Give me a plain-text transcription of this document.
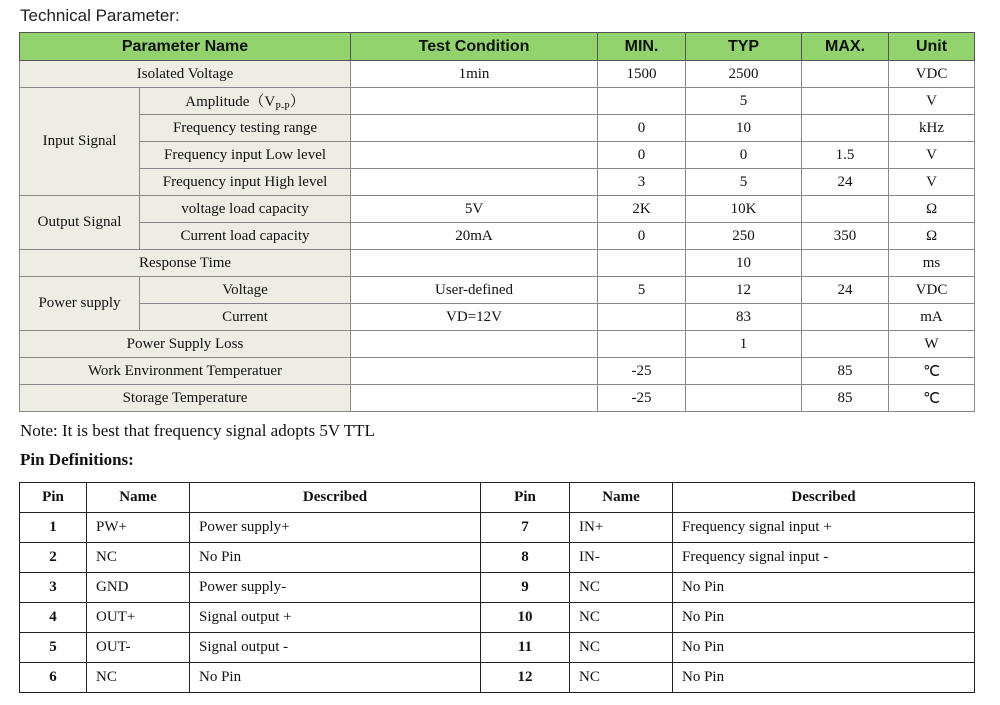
Technical Parameter:
Parameter Name		Test Condition	MIN.	TYP	MAX.	Unit
Isolated Voltage		1min	1500	2500		VDC
Input Signal	$Amplitude(V_{P-P})$			5		V
	Frequency testing range		0	10		kHz
	Frequency input Low level		0	0	1.5	V
	Frequency input High level		3	5	24	V
Output Signal	voltage load capacity	5V	2K	10K		Ω
	Current load capacity	20mA	0	250	350	Ω
Response Time				10		ms
Power supply	Voltage	User-defined	5	12	24	VDC
	Current	VD=12V		83		mA
Power Supply Loss				1		W
Work Environment Temperatuer			-25		85	℃
Storage Temperature			-25		85	℃
Note: It is best that frequency signal adopts 5V TTL
Pin Definitions:
Pin	Name	Described	Pin	Name	Described
1	PW+	Power supply+	7	IN+	Frequency signal input +
2	NC	No Pin	8	IN-	Frequency signal input -
3	GND	Power supply-	9	NC	No Pin
4	OUT+	Signal output +	10	NC	No Pin
5	OUT-	Signal output -	11	NC	No Pin
6	NC	No Pin	12	NC	No Pin
